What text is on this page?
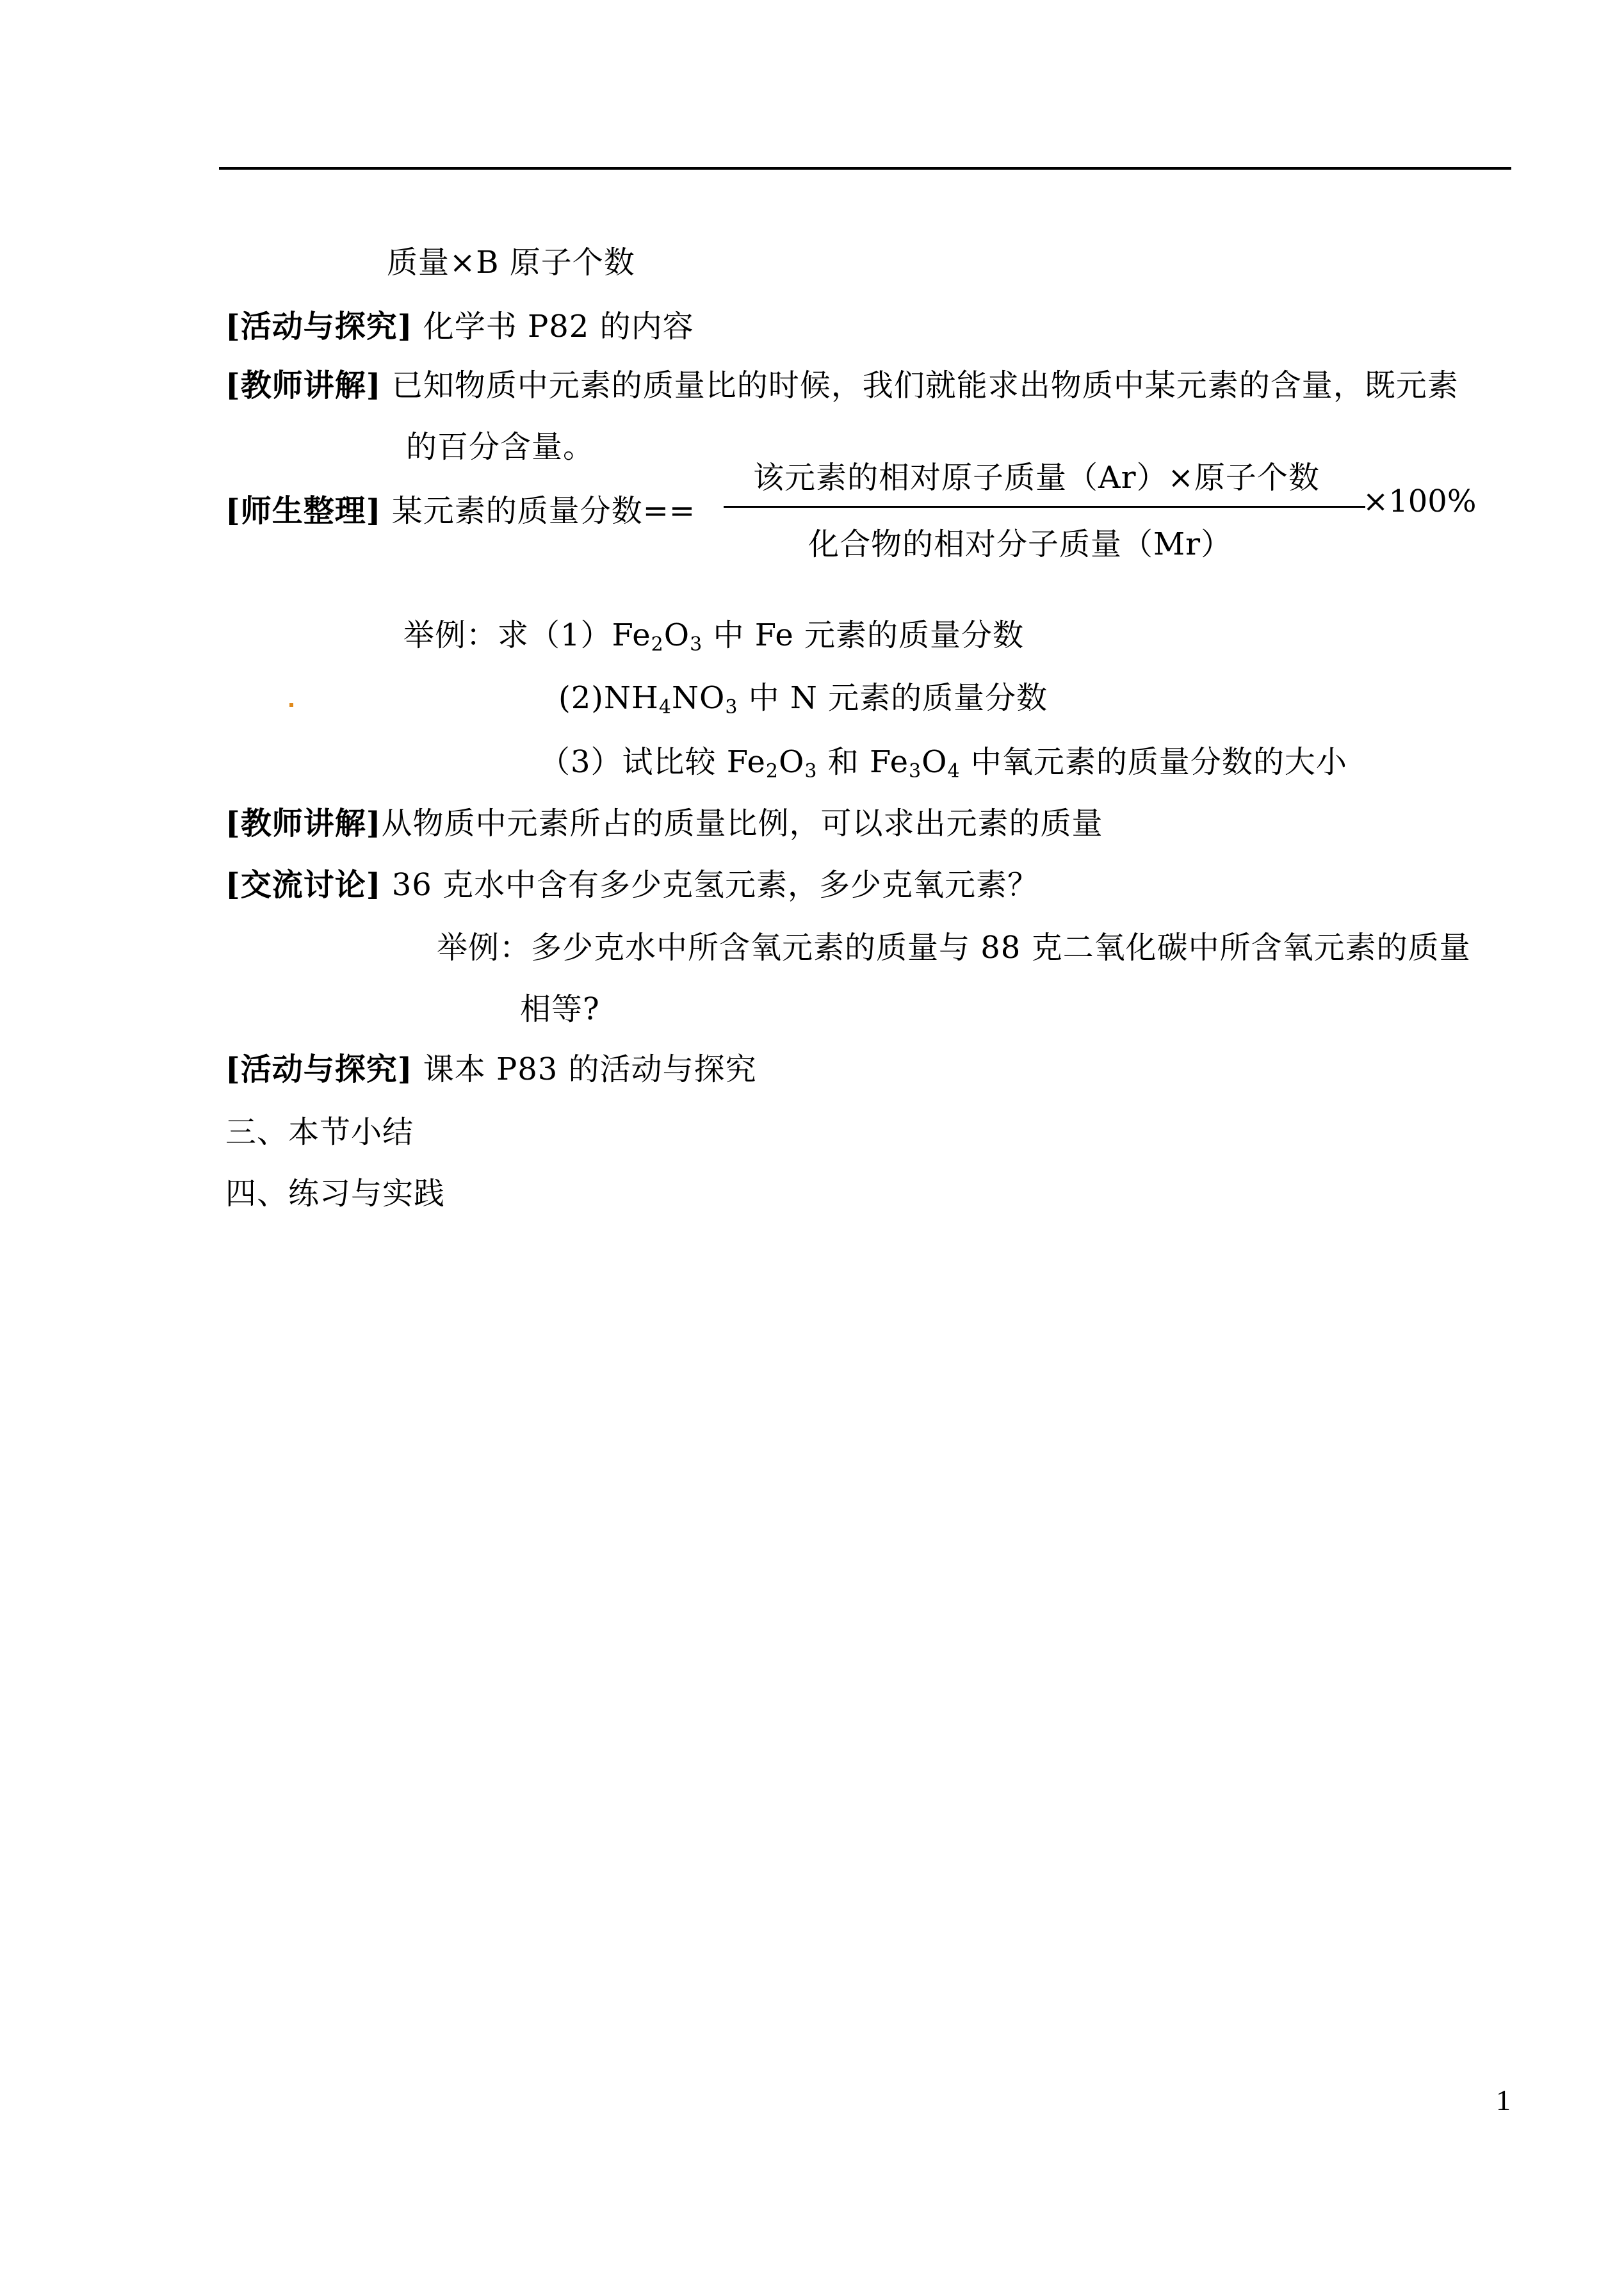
质量×B 原子个数
[活动与探究] 化学书 P82 的内容
[教师讲解] 已知物质中元素的质量比的时候，我们就能求出物质中某元素的含量，既元素
的百分含量。
[师生整理] 某元素的质量分数==
该元素的相对原子质量（Ar）×原子个数
×100%
化合物的相对分子质量（Mr）
举例：求$(1)Fe_2O_3$ 中 Fe 元素的质量分数
$(2)NH_4NO_3$ 中 N 元素的质量分数
（3）试比较 $Fe_2O_3$ 和 $Fe_3O_4$ 中氧元素的质量分数的大小
[教师讲解]从物质中元素所占的质量比例，可以求出元素的质量
[交流讨论] 36 克水中含有多少克氢元素，多少克氧元素？
举例：多少克水中所含氧元素的质量与 88 克二氧化碳中所含氧元素的质量
相等?
[活动与探究] 课本 P83 的活动与探究
三、本节小结
四、练习与实践
1
